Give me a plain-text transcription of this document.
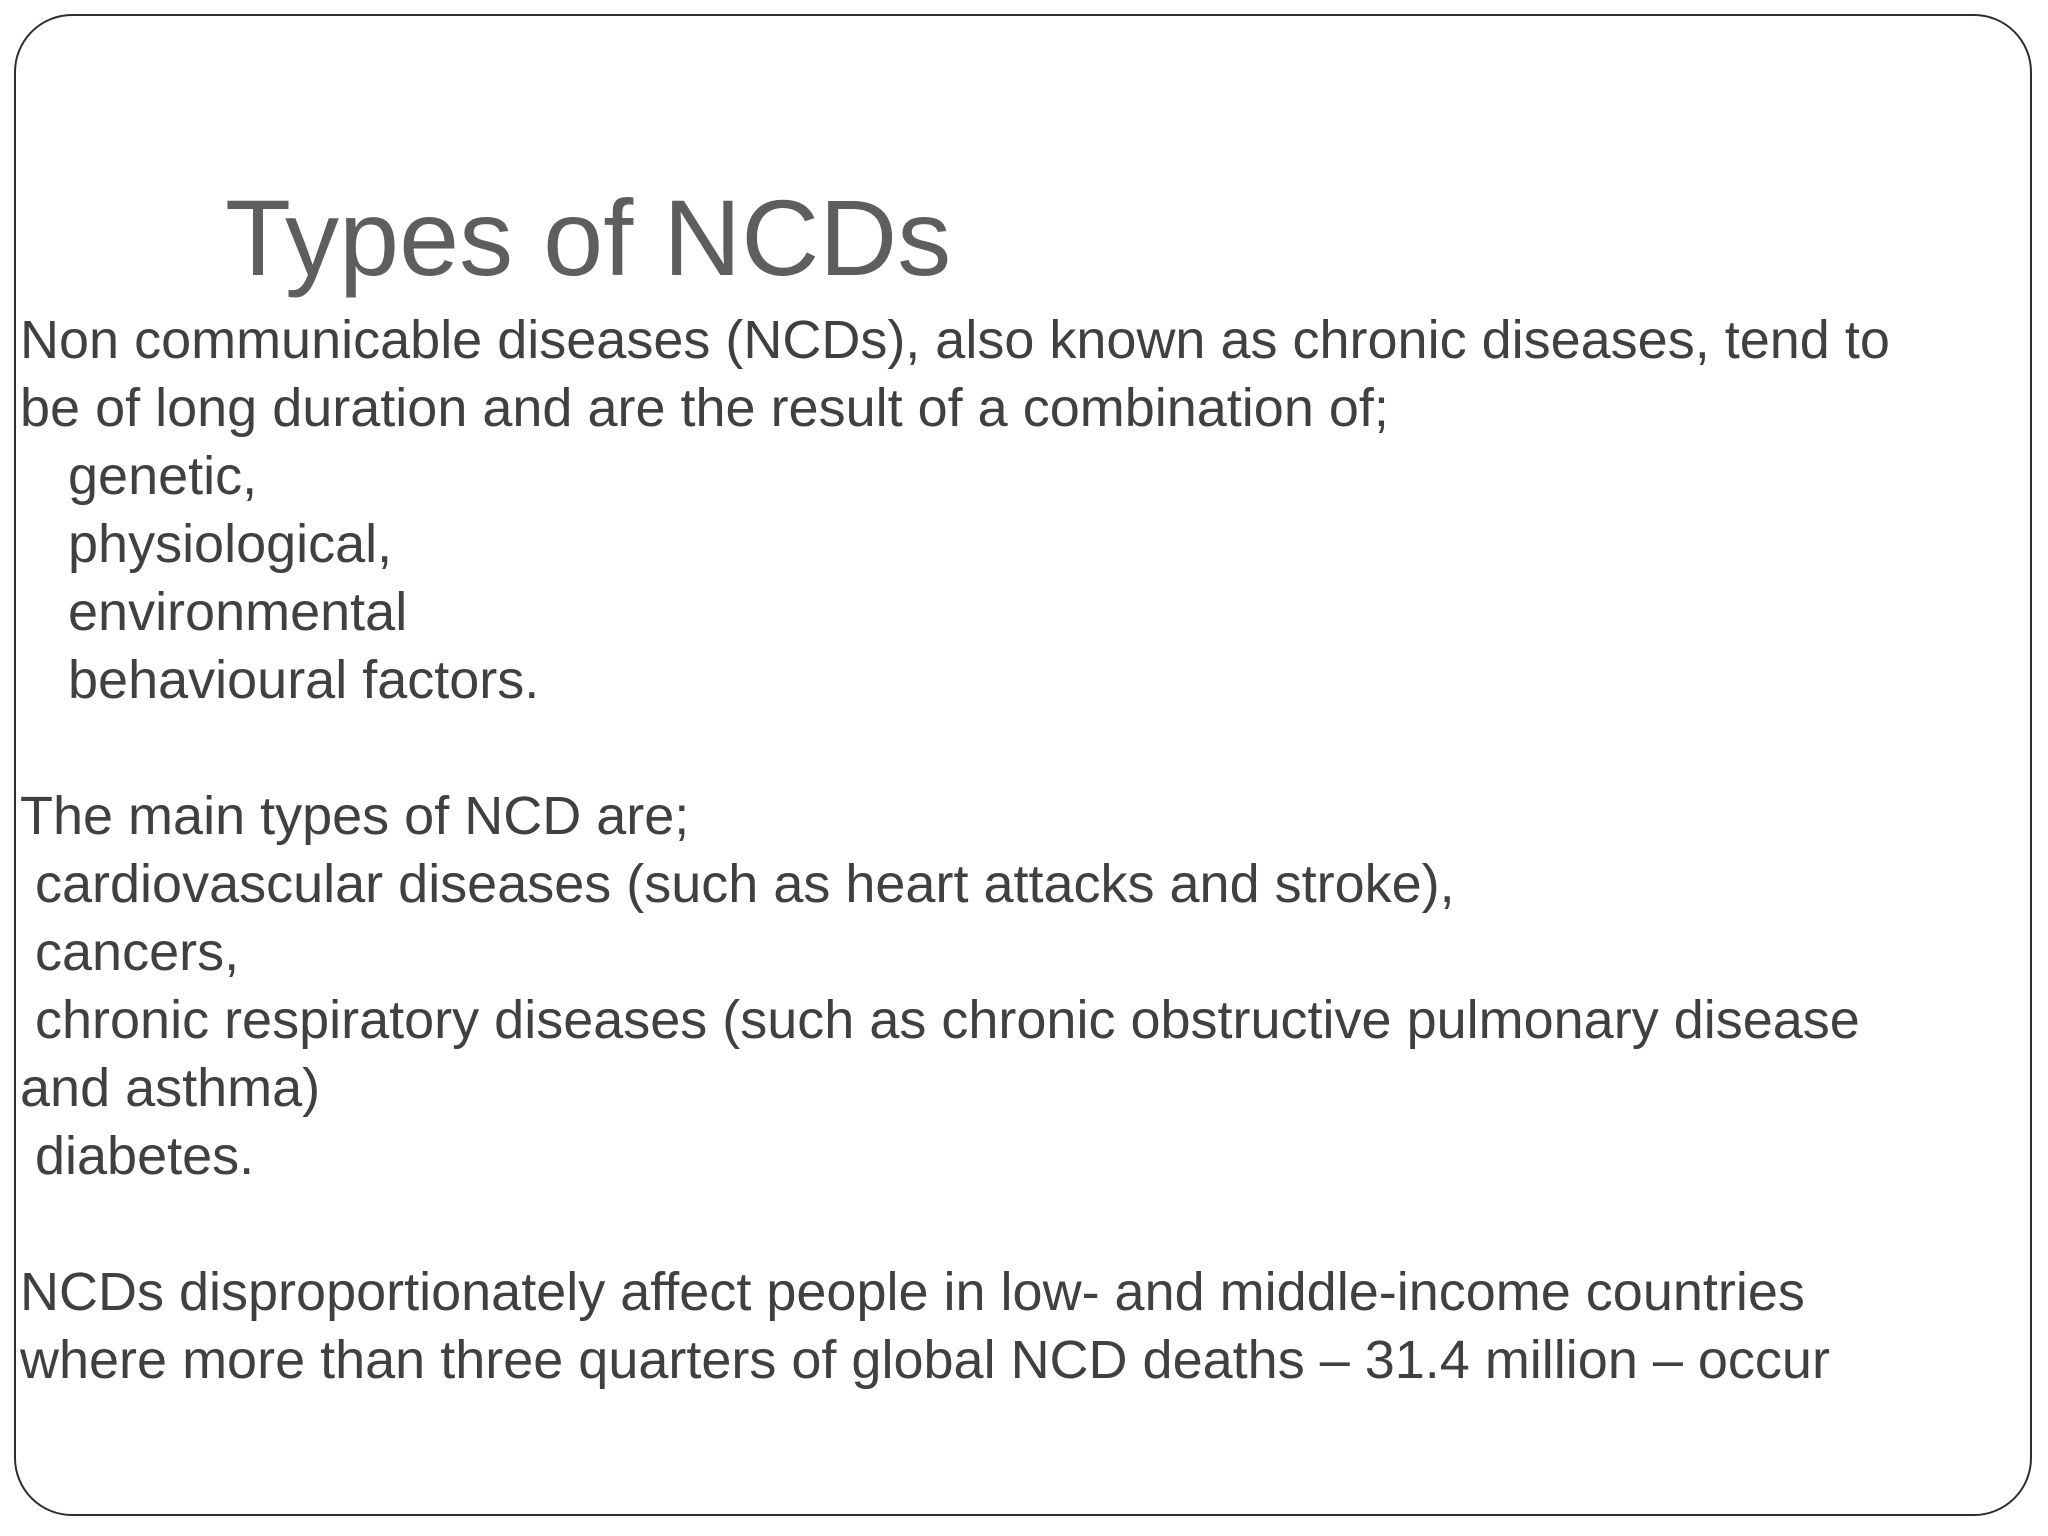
Types of NCDs
Non communicable diseases (NCDs), also known as chronic diseases, tend to
be of long duration and are the result of a combination of;
genetic,
physiological,
environmental
behavioural factors.
The main types of NCD are;
cardiovascular diseases (such as heart attacks and stroke),
cancers,
chronic respiratory diseases (such as chronic obstructive pulmonary disease
and asthma)
diabetes.
NCDs disproportionately affect people in low- and middle-income countries
where more than three quarters of global NCD deaths – 31.4 million – occur
